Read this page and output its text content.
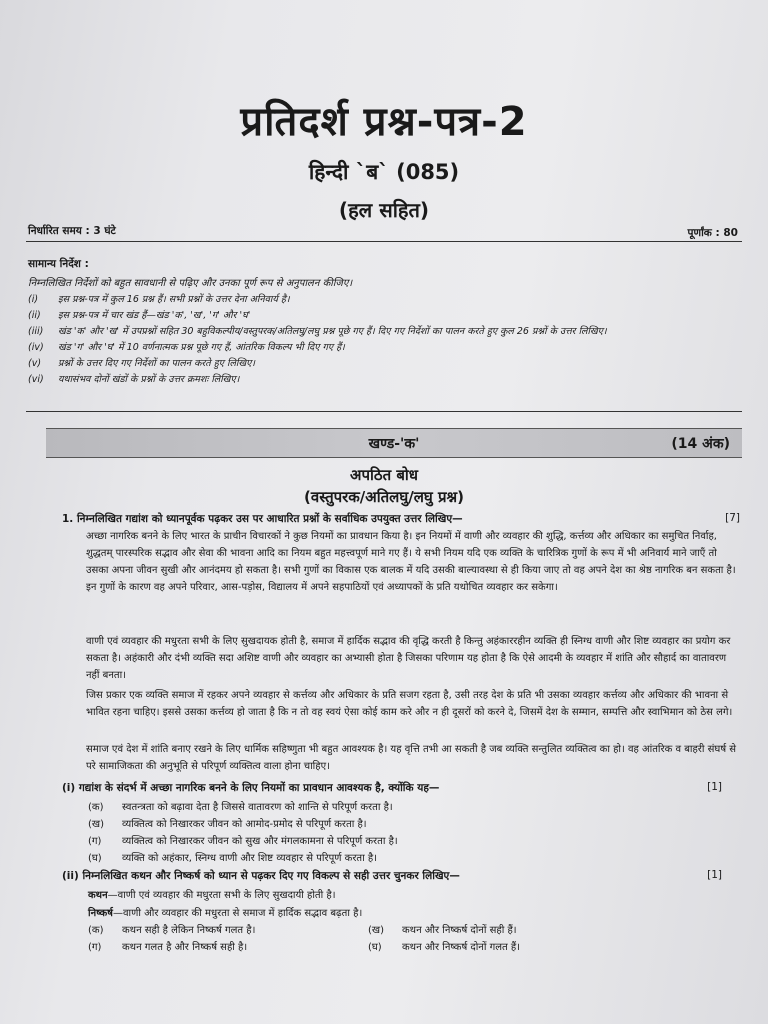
प्रतिदर्श प्रश्न-पत्र-2
हिन्दी `ब` (085)
(हल सहित)
निर्धारित समय : 3 घंटे	पूर्णांक : 80
सामान्य निर्देश :
निम्नलिखित निर्देशों को बहुत सावधानी से पढ़िए और उनका पूर्ण रूप से अनुपालन कीजिए।
(i)	इस प्रश्न-पत्र में कुल 16 प्रश्न हैं। सभी प्रश्नों के उत्तर देना अनिवार्य है।
(ii)	इस प्रश्न-पत्र में चार खंड हैं—खंड 'क', 'ख', 'ग' और 'घ'
(iii)	खंड 'क' और 'ख' में उपप्रश्नों सहित 30 बहुविकल्पीय/वस्तुपरक/अतिलघु/लघु प्रश्न पूछे गए हैं। दिए गए निर्देशों का पालन करते हुए कुल 26 प्रश्नों के उत्तर लिखिए।
(iv)	खंड 'ग' और 'घ' में 10 वर्णनात्मक प्रश्न पूछे गए हैं, आंतरिक विकल्प भी दिए गए हैं।
(v)	प्रश्नों के उत्तर दिए गए निर्देशों का पालन करते हुए लिखिए।
(vi)	यथासंभव दोनों खंडों के प्रश्नों के उत्तर क्रमशः लिखिए।
खण्ड-'क'	(14 अंक)
अपठित बोध
(वस्तुपरक/अतिलघु/लघु प्रश्न)
1. निम्नलिखित गद्यांश को ध्यानपूर्वक पढ़कर उस पर आधारित प्रश्नों के सर्वाधिक उपयुक्त उत्तर लिखिए—	[7]

अच्छा नागरिक बनने के लिए भारत के प्राचीन विचारकों ने कुछ नियमों का प्रावधान किया है। इन नियमों में वाणी और व्यवहार की शुद्धि, कर्त्तव्य और अधिकार का समुचित निर्वाह, शुद्धतम् पारस्परिक सद्भाव और सेवा की भावना आदि का नियम बहुत महत्त्वपूर्ण माने गए हैं। ये सभी नियम यदि एक व्यक्ति के चारित्रिक गुणों के रूप में भी अनिवार्य माने जाएँ तो उसका अपना जीवन सुखी और आनंदमय हो सकता है। सभी गुणों का विकास एक बालक में यदि उसकी बाल्यावस्था से ही किया जाए तो वह अपने देश का श्रेष्ठ नागरिक बन सकता है। इन गुणों के कारण वह अपने परिवार, आस-पड़ोस, विद्यालय में अपने सहपाठियों एवं अध्यापकों के प्रति यथोचित व्यवहार कर सकेगा।

वाणी एवं व्यवहार की मधुरता सभी के लिए सुखदायक होती है, समाज में हार्दिक सद्भाव की वृद्धि करती है किन्तु अहंकाररहीन व्यक्ति ही स्निग्ध वाणी और शिष्ट व्यवहार का प्रयोग कर सकता है। अहंकारी और दंभी व्यक्ति सदा अशिष्ट वाणी और व्यवहार का अभ्यासी होता है जिसका परिणाम यह होता है कि ऐसे आदमी के व्यवहार में शांति और सौहार्द का वातावरण नहीं बनता।

जिस प्रकार एक व्यक्ति समाज में रहकर अपने व्यवहार से कर्त्तव्य और अधिकार के प्रति सजग रहता है, उसी तरह देश के प्रति भी उसका व्यवहार कर्त्तव्य और अधिकार की भावना से भावित रहना चाहिए। इससे उसका कर्त्तव्य हो जाता है कि न तो वह स्वयं ऐसा कोई काम करे और न ही दूसरों को करने दे, जिसमें देश के सम्मान, सम्पत्ति और स्वाभिमान को ठेस लगे।

समाज एवं देश में शांति बनाए रखने के लिए धार्मिक सहिष्णुता भी बहुत आवश्यक है। यह वृत्ति तभी आ सकती है जब व्यक्ति सन्तुलित व्यक्तित्व का हो। वह आंतरिक व बाहरी संघर्ष से परे सामाजिकता की अनुभूति से परिपूर्ण व्यक्तित्व वाला होना चाहिए।

(i) गद्यांश के संदर्भ में अच्छा नागरिक बनने के लिए नियमों का प्रावधान आवश्यक है, क्योंकि यह—	[1]
(क) स्वतन्त्रता को बढ़ावा देता है जिससे वातावरण को शान्ति से परिपूर्ण करता है।
(ख) व्यक्तित्व को निखारकर जीवन को आमोद-प्रमोद से परिपूर्ण करता है।
(ग) व्यक्तित्व को निखारकर जीवन को सुख और मंगलकामना से परिपूर्ण करता है।
(घ) व्यक्ति को अहंकार, स्निग्ध वाणी और शिष्ट व्यवहार से परिपूर्ण करता है।
(ii) निम्नलिखित कथन और निष्कर्ष को ध्यान से पढ़कर दिए गए विकल्प से सही उत्तर चुनकर लिखिए—	[1]
कथन—वाणी एवं व्यवहार की मधुरता सभी के लिए सुखदायी होती है।
निष्कर्ष—वाणी और व्यवहार की मधुरता से समाज में हार्दिक सद्भाव बढ़ता है।
(क) कथन सही है लेकिन निष्कर्ष गलत है।	(ख) कथन और निष्कर्ष दोनों सही हैं।
(ग) कथन गलत है और निष्कर्ष सही है।	(घ) कथन और निष्कर्ष दोनों गलत हैं।
